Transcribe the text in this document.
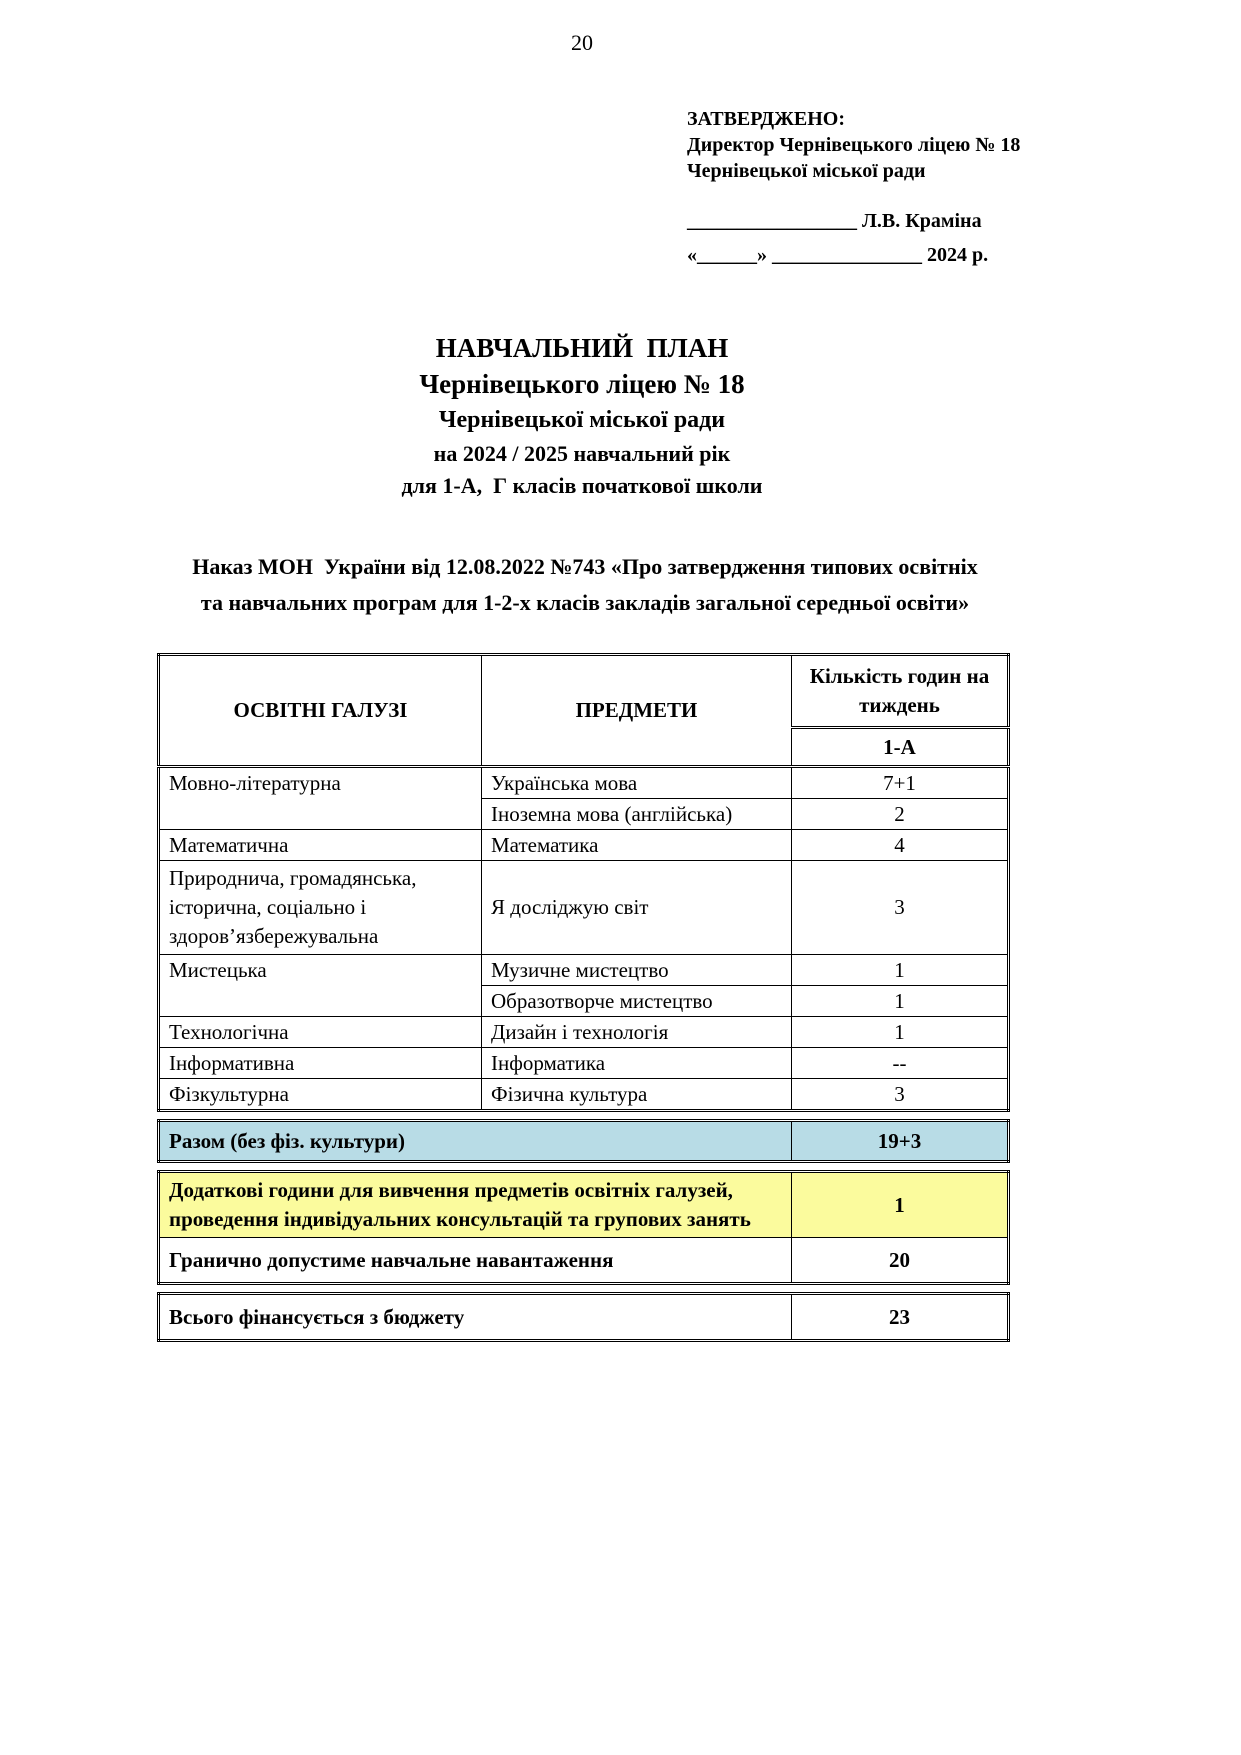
20
ЗАТВЕРДЖЕНО:
Директор Чернівецького ліцею № 18
Чернівецької міської ради
_________________ Л.В. Краміна
«______» _______________ 2024 р.
НАВЧАЛЬНИЙ  ПЛАН
Чернівецького ліцею № 18
Чернівецької міської ради
на 2024 / 2025 навчальний рік
для 1-А,  Г класів початкової школи
Наказ МОН  України від 12.08.2022 №743 «Про затвердження типових освітніх та навчальних програм для 1-2-х класів закладів загальної середньої освіти»
ОСВІТНІ ГАЛУЗІ	ПРЕДМЕТИ	Кількість годин на тиждень
		1-А
Мовно-літературна	Українська мова	7+1
	Іноземна мова (англійська)	2
Математична	Математика	4
Природнича, громадянська, історична, соціально і здоров’язбережувальна	Я досліджую світ	3
Мистецька	Музичне мистецтво	1
	Образотворче мистецтво	1
Технологічна	Дизайн і технологія	1
Інформативна	Інформатика	--
Фізкультурна	Фізична культура	3
Разом (без фіз. культури)	19+3
Додаткові години для вивчення предметів освітніх галузей, проведення індивідуальних консультацій та групових занять	1
Гранично допустиме навчальне навантаження	20
Всього фінансується з бюджету	23
